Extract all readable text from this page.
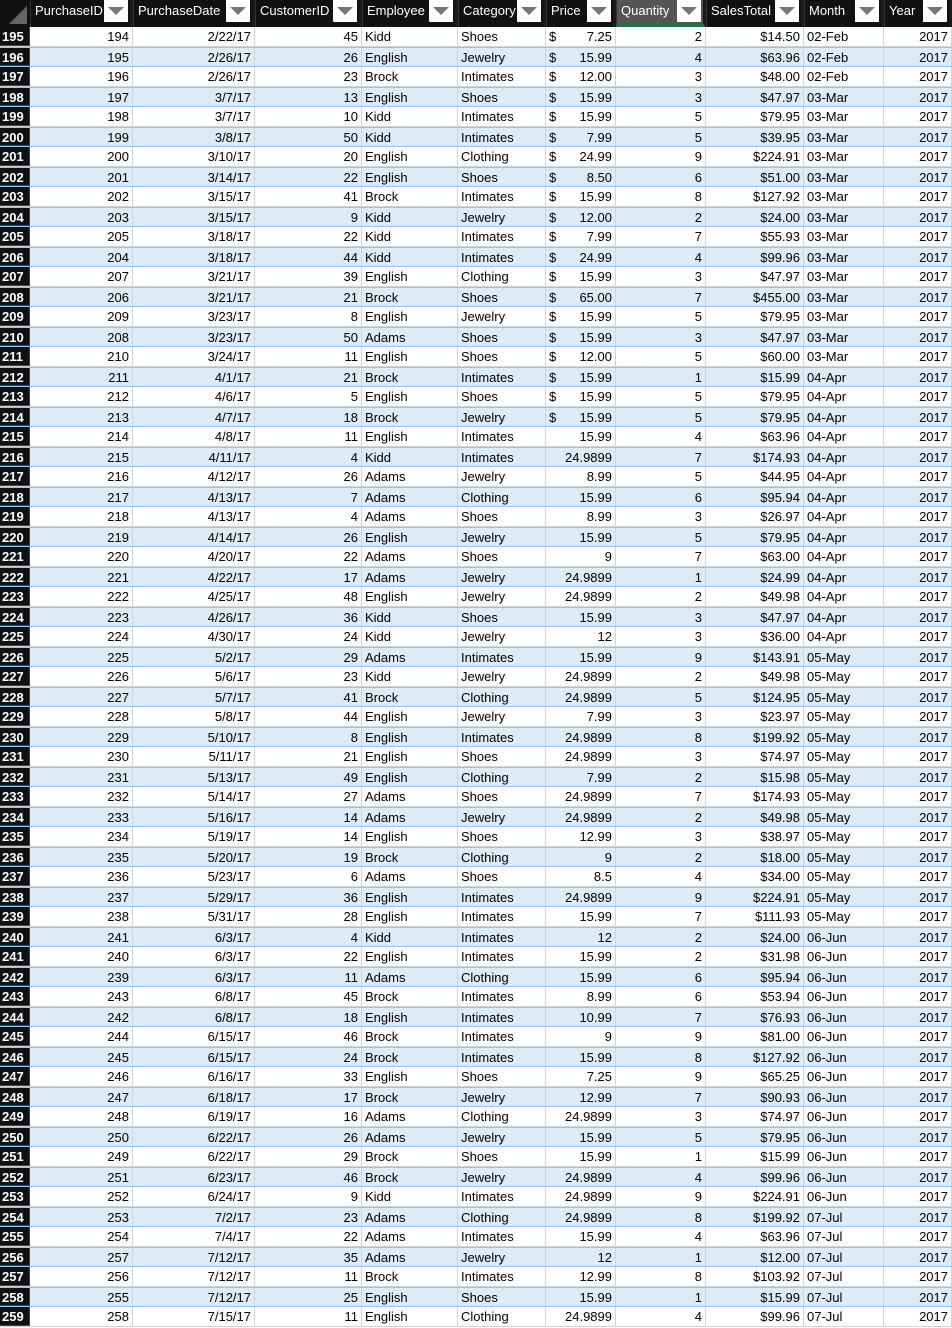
PurchaseID	PurchaseDate	CustomerID	Employee	Category	Price	Quantity	SalesTotal	Month	Year
195	194	2/22/17	45 Kidd	Shoes	$ 7.25	2	$14.50 02-Feb	2017
196	195	2/26/17	26 English	Jewelry	$ 15.99	4	$63.96 02-Feb	2017
197	196	2/26/17	23 Brock	Intimates	$ 12.00	3	$48.00 02-Feb	2017
198	197	3/7/17	13 English	Shoes	$ 15.99	3	$47.97 03-Mar	2017
199	198	3/7/17	10 Kidd	Intimates	$ 15.99	5	$79.95 03-Mar	2017
200	199	3/8/17	50 Kidd	Intimates	$ 7.99	5	$39.95 03-Mar	2017
201	200	3/10/17	20 English	Clothing	$ 24.99	9	$224.91 03-Mar	2017
202	201	3/14/17	22 English	Shoes	$ 8.50	6	$51.00 03-Mar	2017
203	202	3/15/17	41 Brock	Intimates	$ 15.99	8	$127.92 03-Mar	2017
204	203	3/15/17	9 Kidd	Jewelry	$ 12.00	2	$24.00 03-Mar	2017
205	205	3/18/17	22 Kidd	Intimates	$ 7.99	7	$55.93 03-Mar	2017
206	204	3/18/17	44 Kidd	Intimates	$ 24.99	4	$99.96 03-Mar	2017
207	207	3/21/17	39 English	Clothing	$ 15.99	3	$47.97 03-Mar	2017
208	206	3/21/17	21 Brock	Shoes	$ 65.00	7	$455.00 03-Mar	2017
209	209	3/23/17	8 English	Jewelry	$ 15.99	5	$79.95 03-Mar	2017
210	208	3/23/17	50 Adams	Shoes	$ 15.99	3	$47.97 03-Mar	2017
211	210	3/24/17	11 English	Shoes	$ 12.00	5	$60.00 03-Mar	2017
212	211	4/1/17	21 Brock	Intimates	$ 15.99	1	$15.99 04-Apr	2017
213	212	4/6/17	5 English	Shoes	$ 15.99	5	$79.95 04-Apr	2017
214	213	4/7/17	18 Brock	Jewelry	$ 15.99	5	$79.95 04-Apr	2017
215	214	4/8/17	11 English	Intimates	15.99	4	$63.96 04-Apr	2017
216	215	4/11/17	4 Kidd	Intimates	24.9899	7	$174.93 04-Apr	2017
217	216	4/12/17	26 Adams	Jewelry	8.99	5	$44.95 04-Apr	2017
218	217	4/13/17	7 Adams	Clothing	15.99	6	$95.94 04-Apr	2017
219	218	4/13/17	4 Adams	Shoes	8.99	3	$26.97 04-Apr	2017
220	219	4/14/17	26 English	Jewelry	15.99	5	$79.95 04-Apr	2017
221	220	4/20/17	22 Adams	Shoes	9	7	$63.00 04-Apr	2017
222	221	4/22/17	17 Adams	Jewelry	24.9899	1	$24.99 04-Apr	2017
223	222	4/25/17	48 English	Jewelry	24.9899	2	$49.98 04-Apr	2017
224	223	4/26/17	36 Kidd	Shoes	15.99	3	$47.97 04-Apr	2017
225	224	4/30/17	24 Kidd	Jewelry	12	3	$36.00 04-Apr	2017
226	225	5/2/17	29 Adams	Intimates	15.99	9	$143.91 05-May	2017
227	226	5/6/17	23 Kidd	Jewelry	24.9899	2	$49.98 05-May	2017
228	227	5/7/17	41 Brock	Clothing	24.9899	5	$124.95 05-May	2017
229	228	5/8/17	44 English	Jewelry	7.99	3	$23.97 05-May	2017
230	229	5/10/17	8 English	Intimates	24.9899	8	$199.92 05-May	2017
231	230	5/11/17	21 English	Shoes	24.9899	3	$74.97 05-May	2017
232	231	5/13/17	49 English	Clothing	7.99	2	$15.98 05-May	2017
233	232	5/14/17	27 Adams	Shoes	24.9899	7	$174.93 05-May	2017
234	233	5/16/17	14 Adams	Jewelry	24.9899	2	$49.98 05-May	2017
235	234	5/19/17	14 English	Shoes	12.99	3	$38.97 05-May	2017
236	235	5/20/17	19 Brock	Clothing	9	2	$18.00 05-May	2017
237	236	5/23/17	6 Adams	Shoes	8.5	4	$34.00 05-May	2017
238	237	5/29/17	36 English	Intimates	24.9899	9	$224.91 05-May	2017
239	238	5/31/17	28 English	Intimates	15.99	7	$111.93 05-May	2017
240	241	6/3/17	4 Kidd	Intimates	12	2	$24.00 06-Jun	2017
241	240	6/3/17	22 English	Intimates	15.99	2	$31.98 06-Jun	2017
242	239	6/3/17	11 Adams	Clothing	15.99	6	$95.94 06-Jun	2017
243	243	6/8/17	45 Brock	Intimates	8.99	6	$53.94 06-Jun	2017
244	242	6/8/17	18 English	Intimates	10.99	7	$76.93 06-Jun	2017
245	244	6/15/17	46 Brock	Intimates	9	9	$81.00 06-Jun	2017
246	245	6/15/17	24 Brock	Intimates	15.99	8	$127.92 06-Jun	2017
247	246	6/16/17	33 English	Shoes	7.25	9	$65.25 06-Jun	2017
248	247	6/18/17	17 Brock	Jewelry	12.99	7	$90.93 06-Jun	2017
249	248	6/19/17	16 Adams	Clothing	24.9899	3	$74.97 06-Jun	2017
250	250	6/22/17	26 Adams	Jewelry	15.99	5	$79.95 06-Jun	2017
251	249	6/22/17	29 Brock	Shoes	15.99	1	$15.99 06-Jun	2017
252	251	6/23/17	46 Brock	Jewelry	24.9899	4	$99.96 06-Jun	2017
253	252	6/24/17	9 Kidd	Intimates	24.9899	9	$224.91 06-Jun	2017
254	253	7/2/17	23 Adams	Clothing	24.9899	8	$199.92 07-Jul	2017
255	254	7/4/17	22 Adams	Intimates	15.99	4	$63.96 07-Jul	2017
256	257	7/12/17	35 Adams	Jewelry	12	1	$12.00 07-Jul	2017
257	256	7/12/17	11 Brock	Intimates	12.99	8	$103.92 07-Jul	2017
258	255	7/12/17	25 English	Shoes	15.99	1	$15.99 07-Jul	2017
259	258	7/15/17	11 English	Clothing	24.9899	4	$99.96 07-Jul	2017
